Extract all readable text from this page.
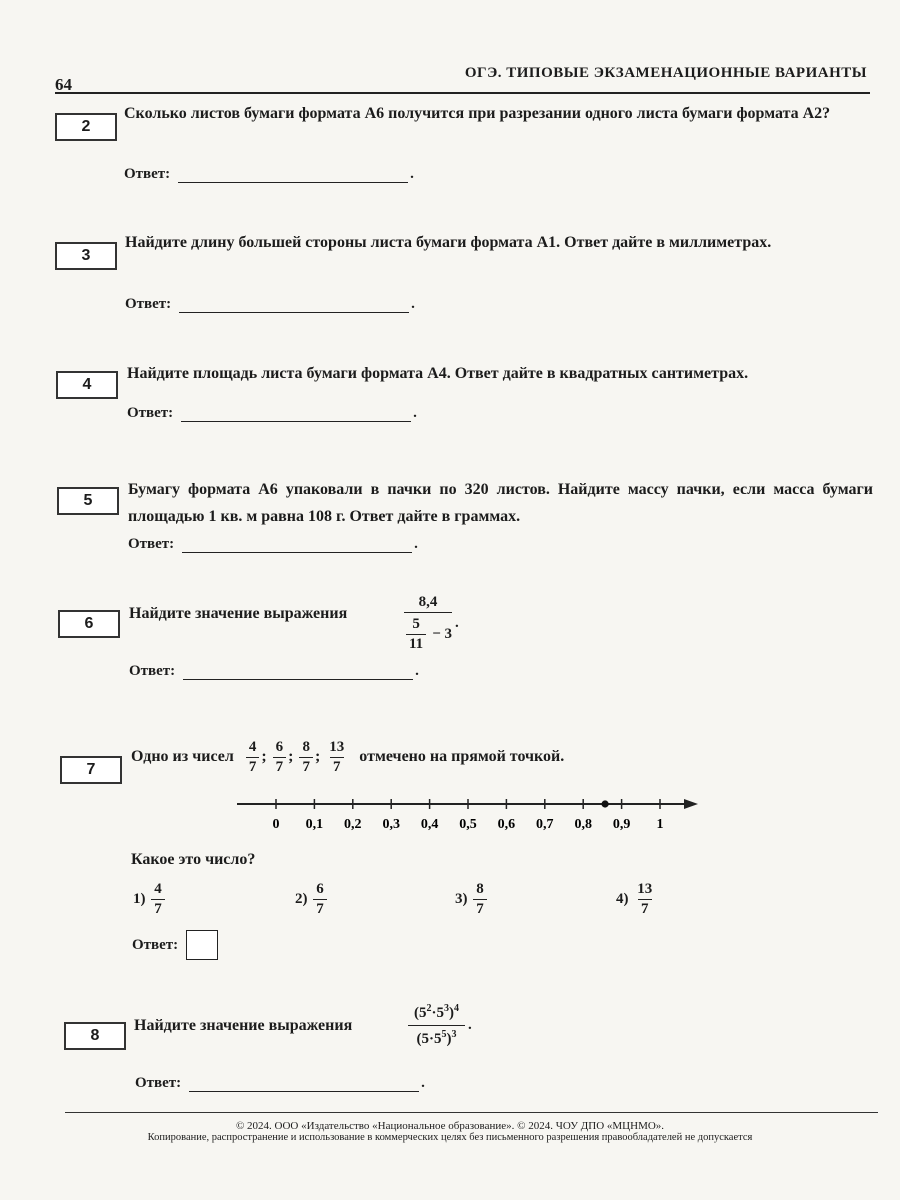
64
ОГЭ. ТИПОВЫЕ ЭКЗАМЕНАЦИОННЫЕ ВАРИАНТЫ
2
Сколько листов бумаги формата А6 получится при разрезании одного листа бумаги формата А2?
Ответ:	.
3
Найдите длину большей стороны листа бумаги формата А1. Ответ дайте в миллиметрах.
Ответ:	.
4
Найдите площадь листа бумаги формата А4. Ответ дайте в квадратных сантиметрах.
Ответ:	.
5
Бумагу формата А6 упаковали в пачки по 320 листов. Найдите массу пачки, если масса бумаги площадью 1 кв. м равна 108 г. Ответ дайте в граммах.
Ответ:	.
6
Найдите значение выражения	$\frac{8,4}{\frac{5}{11} - 3}$ .
Ответ:	.
7
Одно из чисел $\frac{4}{7}$ ; $\frac{6}{7}$ ; $\frac{8}{7}$ ; $\frac{13}{7}$ отмечено на прямой точкой.
0 0,1 0,2 0,3 0,4 0,5 0,6 0,7 0,8 0,9 1
Какое это число?
$1) \frac{4}{7}$	$2) \frac{6}{7}$	$3) \frac{8}{7}$	$4) \frac{13}{7}$
Ответ:
8
Найдите значение выражения	$\frac{(5^2\cdot 5^3)^4}{(5\cdot 5^5)^3}$ .
Ответ:	.
© 2024. ООО «Издательство «Национальное образование». © 2024. ЧОУ ДПО «МЦНМО».
Копирование, распространение и использование в коммерческих целях без письменного разрешения правообладателей не допускается
